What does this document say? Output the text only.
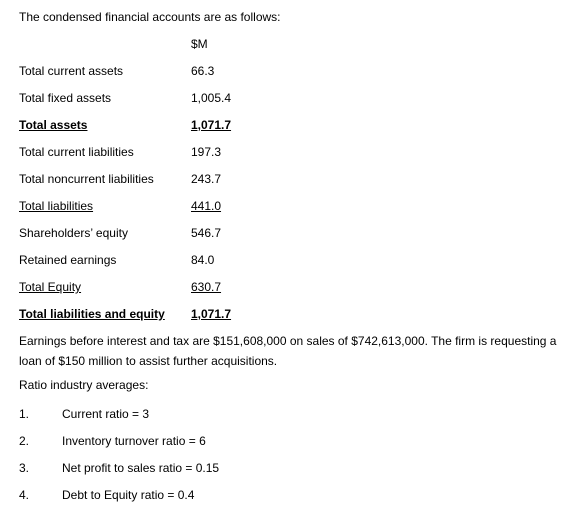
The condensed financial accounts are as follows:
$M
Total current assets	66.3
Total fixed assets	1,005.4
Total assets	1,071.7
Total current liabilities	197.3
Total noncurrent liabilities	243.7
Total liabilities	441.0
Shareholders’ equity	546.7
Retained earnings	84.0
Total Equity	630.7
Total liabilities and equity 1,071.7
Earnings before interest and tax are $151,608,000 on sales of $742,613,000. The firm is requesting a loan of $150 million to assist further acquisitions.
Ratio industry averages:
1.	Current ratio = 3
2.	Inventory turnover ratio = 6
3.	Net profit to sales ratio = 0.15
4.	Debt to Equity ratio = 0.4
